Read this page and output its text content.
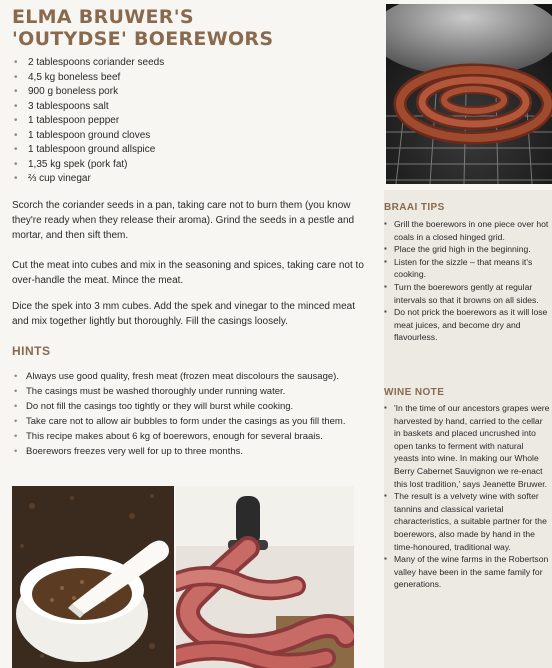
ELMA BRUWER'S
'OUTYDSE' BOEREWORS
• 2 tablespoons coriander seeds
• 4,5 kg boneless beef
• 900 g boneless pork
• 3 tablespoons salt
• 1 tablespoon pepper
• 1 tablespoon ground cloves
• 1 tablespoon ground allspice
• 1,35 kg spek (pork fat)
• ⅔ cup vinegar

Scorch the coriander seeds in a pan, taking care not to burn them (you know they're ready when they release their aroma). Grind the seeds in a pestle and mortar, and then sift them.

Cut the meat into cubes and mix in the seasoning and spices, taking care not to over-handle the meat. Mince the meat.

Dice the spek into 3 mm cubes. Add the spek and vinegar to the minced meat and mix together lightly but thoroughly. Fill the casings loosely.

HINTS
• Always use good quality, fresh meat (frozen meat discolours the sausage).
• The casings must be washed thoroughly under running water.
• Do not fill the casings too tightly or they will burst while cooking.
• Take care not to allow air bubbles to form under the casings as you fill them.
• This recipe makes about 6 kg of boerewors, enough for several braais.
• Boerewors freezes very well for up to three months.
BRAAI TIPS
▪ Grill the boerewors in one piece over hot coals in a closed hinged grid.
▪ Place the grid high in the beginning.
▪ Listen for the sizzle – that means it's cooking.
▪ Turn the boerewors gently at regular intervals so that it browns on all sides.
▪ Do not prick the boerewors as it will lose meat juices, and become dry and flavourless.
WINE NOTE
▪ 'In the time of our ancestors grapes were harvested by hand, carried to the cellar in baskets and placed uncrushed into open tanks to ferment with natural yeasts into wine. In making our Whole Berry Cabernet Sauvignon we re-enact this lost tradition,' says Jeanette Bruwer.
▪ The result is a velvety wine with softer tannins and classical varietal characteristics, a suitable partner for the boerewors, also made by hand in the time-honoured, traditional way.
▪ Many of the wine farms in the Robertson valley have been in the same family for generations.
